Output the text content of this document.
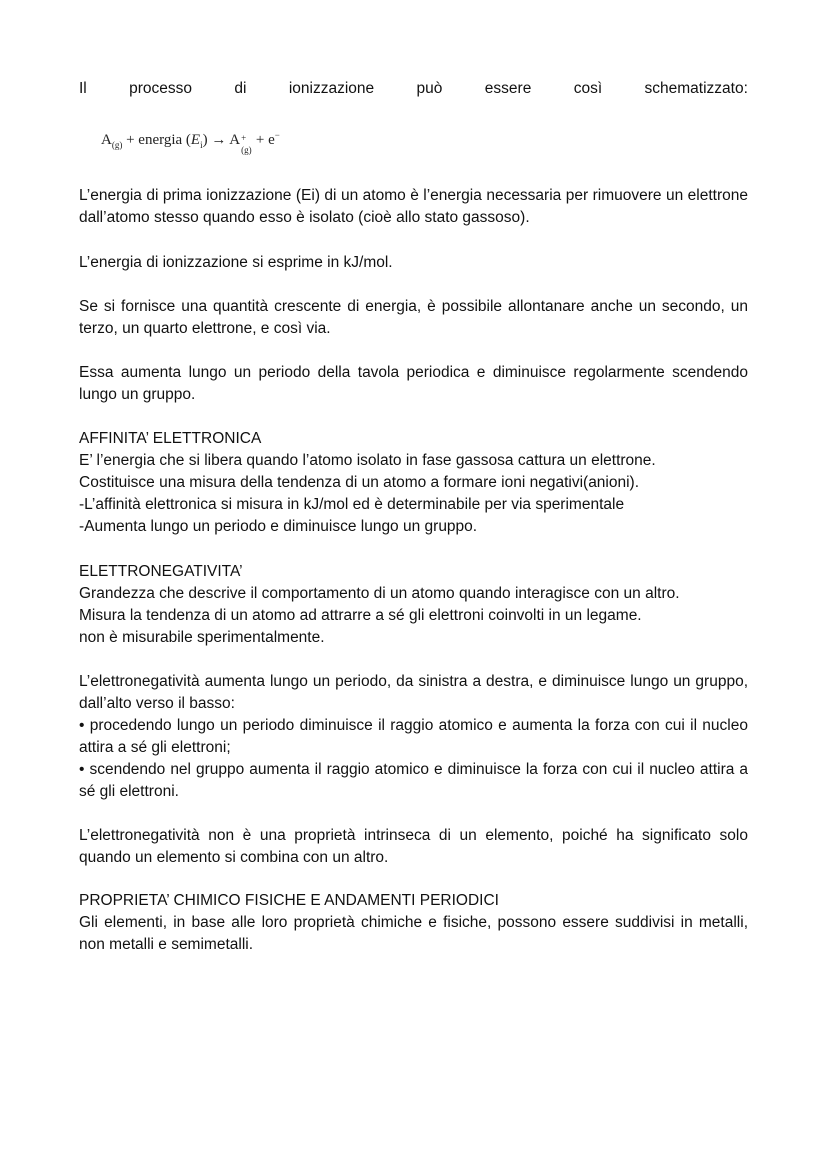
Il	processo	di	ionizzazione	può	essere	così	schematizzato:
$A_{(g)}$ + energia $(E_i) \to A$ +
(g)
+ e−

L’energia di prima ionizzazione (Ei) di un atomo è l’energia necessaria per rimuovere un elettrone dall’atomo stesso quando esso è isolato (cioè allo stato gassoso).

L’energia di ionizzazione si esprime in kJ/mol.

Se si fornisce una quantità crescente di energia, è possibile allontanare anche un secondo, un terzo, un quarto elettrone, e così via.

Essa aumenta lungo un periodo della tavola periodica e diminuisce regolarmente scendendo lungo un gruppo.

AFFINITA’ ELETTRONICA

E’ l’energia che si libera quando l’atomo isolato in fase gassosa cattura un elettrone.

Costituisce una misura della tendenza di un atomo a formare ioni negativi(anioni).

-L’affinità elettronica si misura in kJ/mol ed è determinabile per via sperimentale

-Aumenta lungo un periodo e diminuisce lungo un gruppo.

ELETTRONEGATIVITA’

Grandezza che descrive il comportamento di un atomo quando interagisce con un altro.

Misura la tendenza di un atomo ad attrarre a sé gli elettroni coinvolti in un legame.

non è misurabile sperimentalmente.

L’elettronegatività aumenta lungo un periodo, da sinistra a destra, e diminuisce lungo un gruppo, dall’alto verso il basso:

• procedendo lungo un periodo diminuisce il raggio atomico e aumenta la forza con cui il nucleo attira a sé gli elettroni;

• scendendo nel gruppo aumenta il raggio atomico e diminuisce la forza con cui il nucleo attira a sé gli elettroni.

L’elettronegatività non è una proprietà intrinseca di un elemento, poiché ha significato solo quando un elemento si combina con un altro.

PROPRIETA’ CHIMICO FISICHE E ANDAMENTI PERIODICI

Gli elementi, in base alle loro proprietà chimiche e fisiche, possono essere suddivisi in metalli, non metalli e semimetalli.
